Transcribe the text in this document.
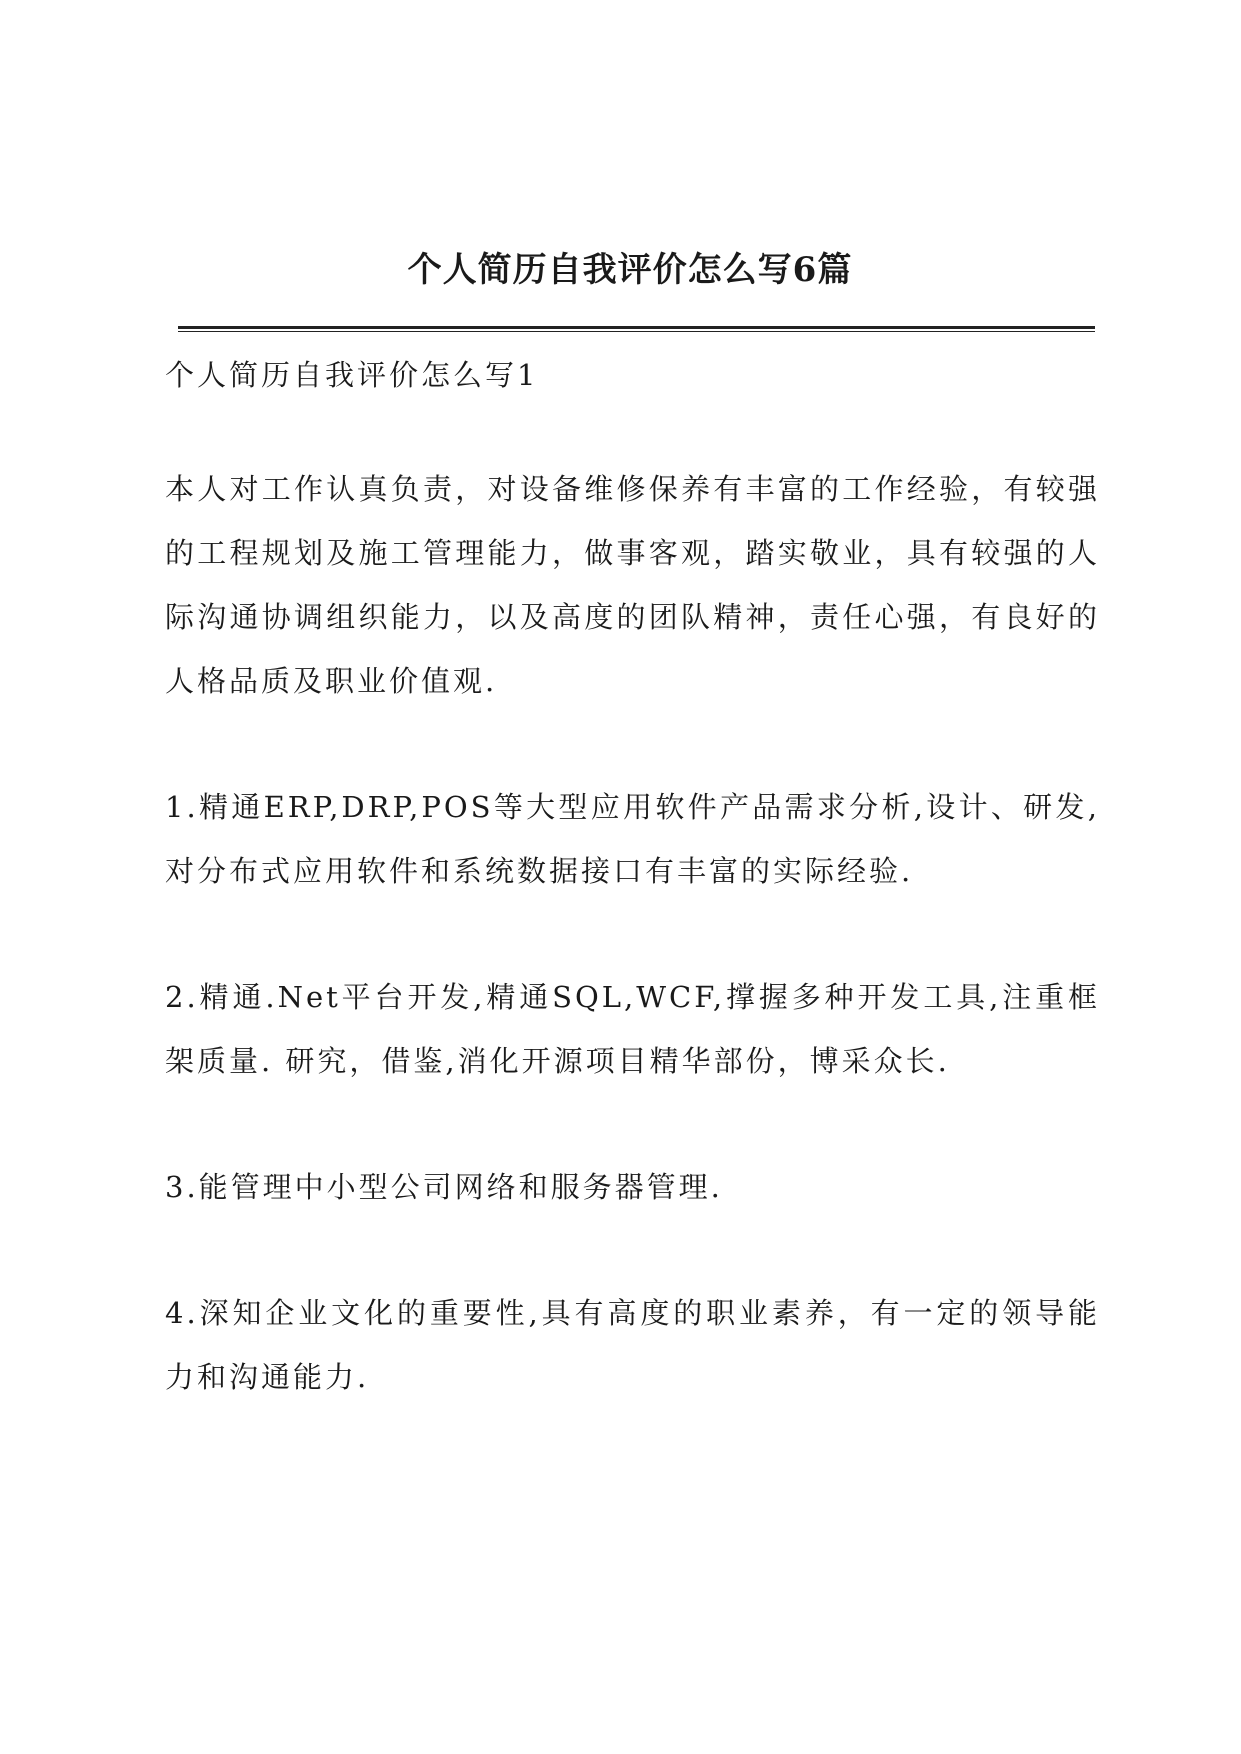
个人简历自我评价怎么写6篇

个人简历自我评价怎么写1

本人对工作认真负责，对设备维修保养有丰富的工作经验，有较强的工程规划及施工管理能力，做事客观，踏实敬业，具有较强的人际沟通协调组织能力，以及高度的团队精神，责任心强，有良好的人格品质及职业价值观.

1.精通ERP,DRP,POS等大型应用软件产品需求分析,设计、研发,对分布式应用软件和系统数据接口有丰富的实际经验.

2.精通.Net平台开发,精通SQL,WCF,撑握多种开发工具,注重框架质量. 研究，借鉴,消化开源项目精华部份，博采众长.

3.能管理中小型公司网络和服务器管理.

4.深知企业文化的重要性,具有高度的职业素养，有一定的领导能力和沟通能力.
